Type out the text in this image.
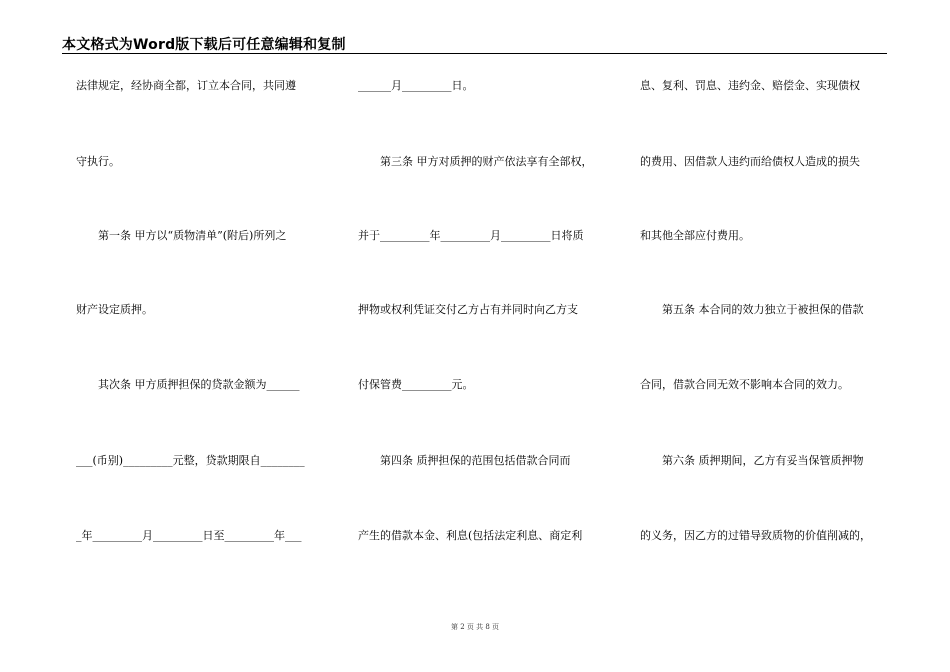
本文格式为Word版下载后可任意编辑和复制
法律规定，经协商全都，订立本合同，共同遵
守执行。
　　第一条 甲方以“质物清单”(附后)所列之
财产设定质押。
　　其次条 甲方质押担保的贷款金额为______
___(币别)_________元整，贷款期限自________
_年_________月_________日至_________年___
______月_________日。
　　第三条 甲方对质押的财产依法享有全部权，
并于_________年_________月_________日将质
押物或权利凭证交付乙方占有并同时向乙方支
付保管费_________元。
　　第四条 质押担保的范围包括借款合同而
产生的借款本金、利息(包括法定利息、商定利
息、复利、罚息、违约金、赔偿金、实现债权
的费用、因借款人违约而给债权人造成的损失
和其他全部应付费用。
　　第五条 本合同的效力独立于被担保的借款
合同，借款合同无效不影响本合同的效力。
　　第六条 质押期间，乙方有妥当保管质押物
的义务，因乙方的过错导致质物的价值削减的，
第 2 页 共 8 页
